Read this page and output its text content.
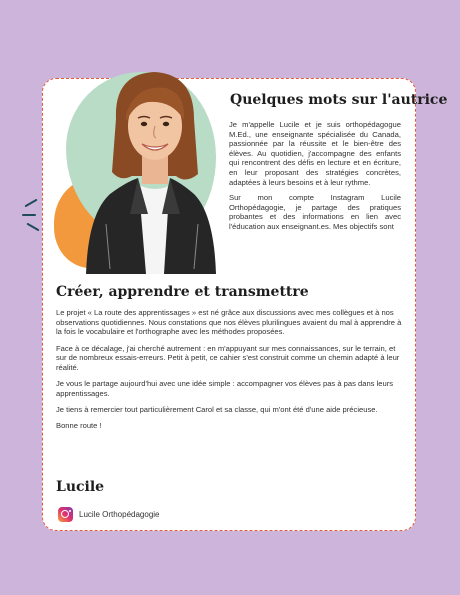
Quelques mots sur l'autrice

Je m'appelle Lucile et je suis orthopédagogue M.Ed., une enseignante spécialisée du Canada, passionnée par la réussite et le bien-être des élèves. Au quotidien, j'accompagne des enfants qui rencontrent des défis en lecture et en écriture, en leur proposant des stratégies concrètes, adaptées à leurs besoins et à leur rythme.

Sur mon compte Instagram Lucile Orthopédagogie, je partage des pratiques probantes et des informations en lien avec l'éducation aux enseignant.es. Mes objectifs sont

Créer, apprendre et transmettre

Le projet « La route des apprentissages » est né grâce aux discussions avec mes collègues et à nos observations quotidiennes. Nous constations que nos élèves plurilingues avaient du mal à apprendre à la fois le vocabulaire et l'orthographe avec les méthodes proposées.

Face à ce décalage, j'ai cherché autrement : en m'appuyant sur mes connaissances, sur le terrain, et sur de nombreux essais-erreurs. Petit à petit, ce cahier s'est construit comme un chemin adapté à leur réalité.

Je vous le partage aujourd'hui avec une idée simple : accompagner vos élèves pas à pas dans leurs apprentissages.

Je tiens à remercier tout particulièrement Carol et sa classe, qui m'ont été d'une aide précieuse.

Bonne route !

Lucile
Lucile Orthopédagogie
